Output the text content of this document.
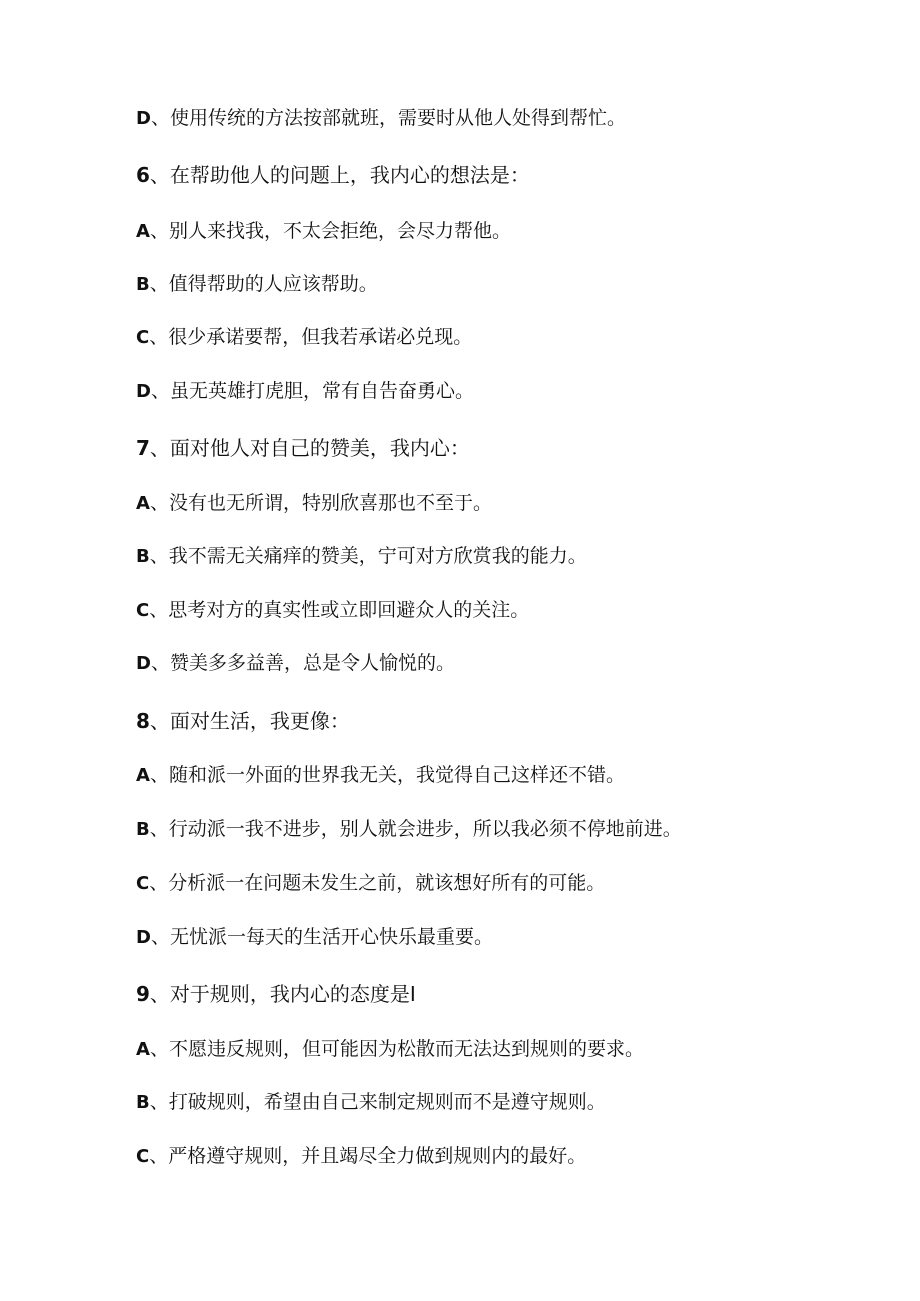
D、使用传统的方法按部就班，需要时从他人处得到帮忙。
6、在帮助他人的问题上，我内心的想法是：
A、别人来找我，不太会拒绝，会尽力帮他。
B、值得帮助的人应该帮助。
C、很少承诺要帮，但我若承诺必兑现。
D、虽无英雄打虎胆，常有自告奋勇心。
7、面对他人对自己的赞美，我内心：
A、没有也无所谓，特别欣喜那也不至于。
B、我不需无关痛痒的赞美，宁可对方欣赏我的能力。
C、思考对方的真实性或立即回避众人的关注。
D、赞美多多益善，总是令人愉悦的。
8、面对生活，我更像：
A、随和派一外面的世界我无关，我觉得自己这样还不错。
B、行动派一我不进步，别人就会进步，所以我必须不停地前进。
C、分析派一在问题未发生之前，就该想好所有的可能。
D、无忧派一每天的生活开心快乐最重要。
9、对于规则，我内心的态度是I
A、不愿违反规则，但可能因为松散而无法达到规则的要求。
B、打破规则，希望由自己来制定规则而不是遵守规则。
C、严格遵守规则，并且竭尽全力做到规则内的最好。
